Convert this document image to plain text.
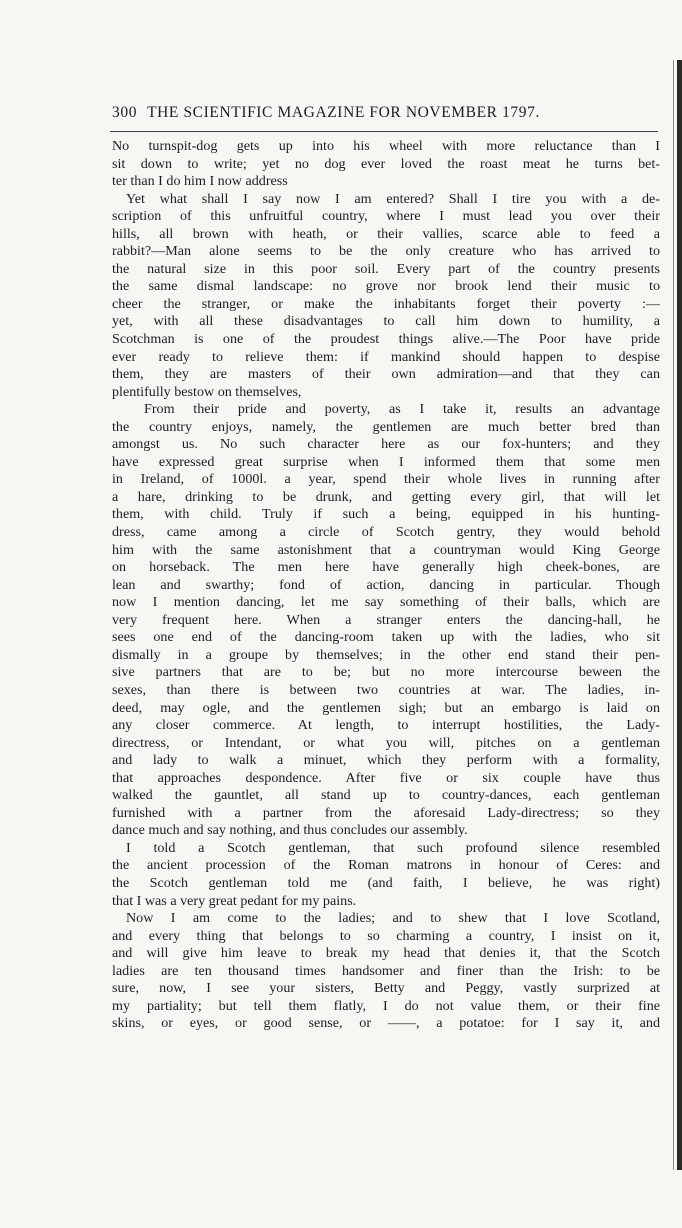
300 THE SCIENTIFIC MAGAZINE FOR NOVEMBER 1797.
No turnspit-dog gets up into his wheel with more reluctance than I
sit down to write; yet no dog ever loved the roast meat he turns bet-
ter than I do him I now address
Yet what shall I say now I am entered? Shall I tire you with a de-
scription of this unfruitful country, where I must lead you over their
hills, all brown with heath, or their vallies, scarce able to feed a
rabbit?—Man alone seems to be the only creature who has arrived to
the natural size in this poor soil. Every part of the country presents
the same dismal landscape: no grove nor brook lend their music to
cheer the stranger, or make the inhabitants forget their poverty :—
yet, with all these disadvantages to call him down to humility, a
Scotchman is one of the proudest things alive.—The Poor have pride
ever ready to relieve them: if mankind should happen to despise
them, they are masters of their own admiration—and that they can
plentifully bestow on themselves,
From their pride and poverty, as I take it, results an advantage
the country enjoys, namely, the gentlemen are much better bred than
amongst us. No such character here as our fox-hunters; and they
have expressed great surprise when I informed them that some men
in Ireland, of 1000l. a year, spend their whole lives in running after
a hare, drinking to be drunk, and getting every girl, that will let
them, with child. Truly if such a being, equipped in his hunting-
dress, came among a circle of Scotch gentry, they would behold
him with the same astonishment that a countryman would King George
on horseback. The men here have generally high cheek-bones, are
lean and swarthy; fond of action, dancing in particular. Though
now I mention dancing, let me say something of their balls, which are
very frequent here. When a stranger enters the dancing-hall, he
sees one end of the dancing-room taken up with the ladies, who sit
dismally in a groupe by themselves; in the other end stand their pen-
sive partners that are to be; but no more intercourse beween the
sexes, than there is between two countries at war. The ladies, in-
deed, may ogle, and the gentlemen sigh; but an embargo is laid on
any closer commerce. At length, to interrupt hostilities, the Lady-
directress, or Intendant, or what you will, pitches on a gentleman
and lady to walk a minuet, which they perform with a formality,
that approaches despondence. After five or six couple have thus
walked the gauntlet, all stand up to country-dances, each gentleman
furnished with a partner from the aforesaid Lady-directress; so they
dance much and say nothing, and thus concludes our assembly.
I told a Scotch gentleman, that such profound silence resembled
the ancient procession of the Roman matrons in honour of Ceres: and
the Scotch gentleman told me (and faith, I believe, he was right)
that I was a very great pedant for my pains.
Now I am come to the ladies; and to shew that I love Scotland,
and every thing that belongs to so charming a country, I insist on it,
and will give him leave to break my head that denies it, that the Scotch
ladies are ten thousand times handsomer and finer than the Irish: to be
sure, now, I see your sisters, Betty and Peggy, vastly surprized at
my partiality; but tell them flatly, I do not value them, or their fine
skins, or eyes, or good sense, or ——, a potatoe: for I say it, and
